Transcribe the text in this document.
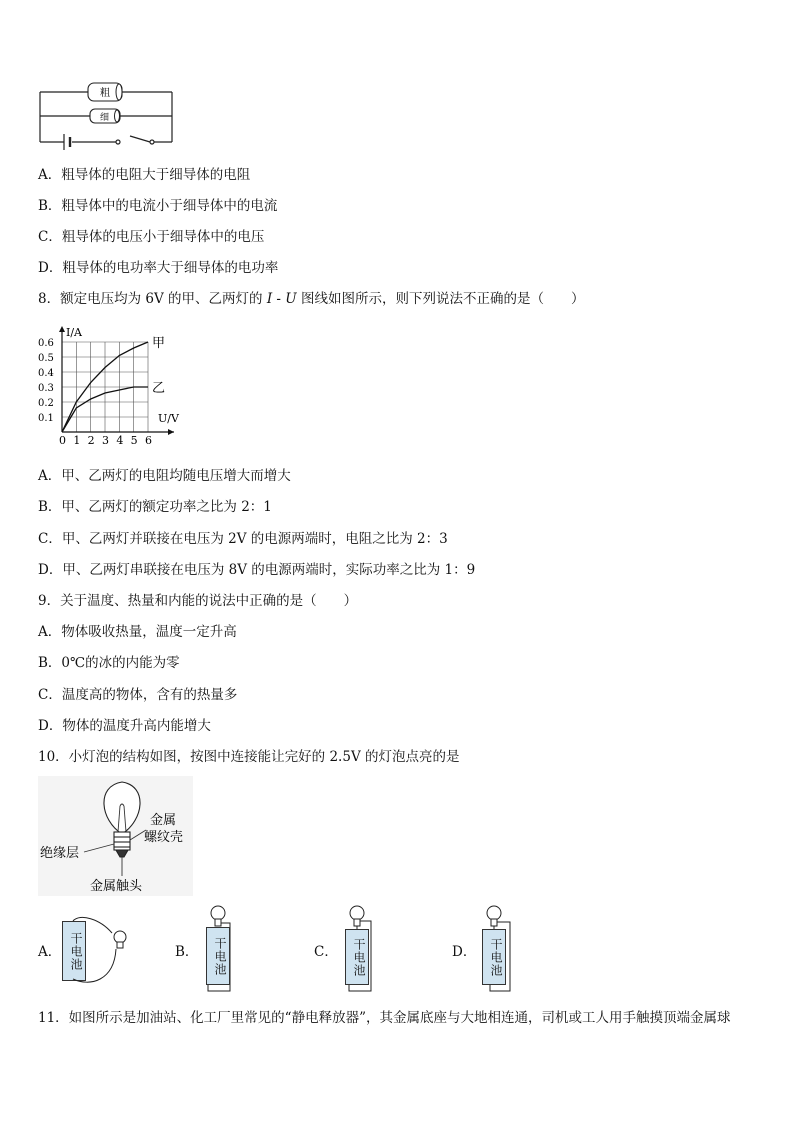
粗
细
A．粗导体的电阻大于细导体的电阻
B．粗导体中的电流小于细导体中的电流
C．粗导体的电压小于细导体中的电压
D．粗导体的电功率大于细导体的电功率
8．额定电压均为 6V 的甲、乙两灯的 I - U 图线如图所示，则下列说法不正确的是（　　）
0 1 2 3 4 5 6
0.1
0.2
0.3
0.4
0.5
0.6
I/A
U/V
甲
乙
A．甲、乙两灯的电阻均随电压增大而增大
B．甲、乙两灯的额定功率之比为 2：1
C．甲、乙两灯并联接在电压为 2V 的电源两端时，电阻之比为 2：3
D．甲、乙两灯串联接在电压为 8V 的电源两端时，实际功率之比为 1：9
9．关于温度、热量和内能的说法中正确的是（　　）
A．物体吸收热量，温度一定升高
B．0℃的冰的内能为零
C．温度高的物体，含有的热量多
D．物体的温度升高内能增大
10．小灯泡的结构如图，按图中连接能让完好的 2.5V 的灯泡点亮的是
金属
螺纹壳
绝缘层
金属触头
A． 干电池	B．	干电池	C．	干电池	D．	干电池
11．如图所示是加油站、化工厂里常见的“静电释放器”，其金属底座与大地相连通，司机或工人用手触摸顶端金属球
